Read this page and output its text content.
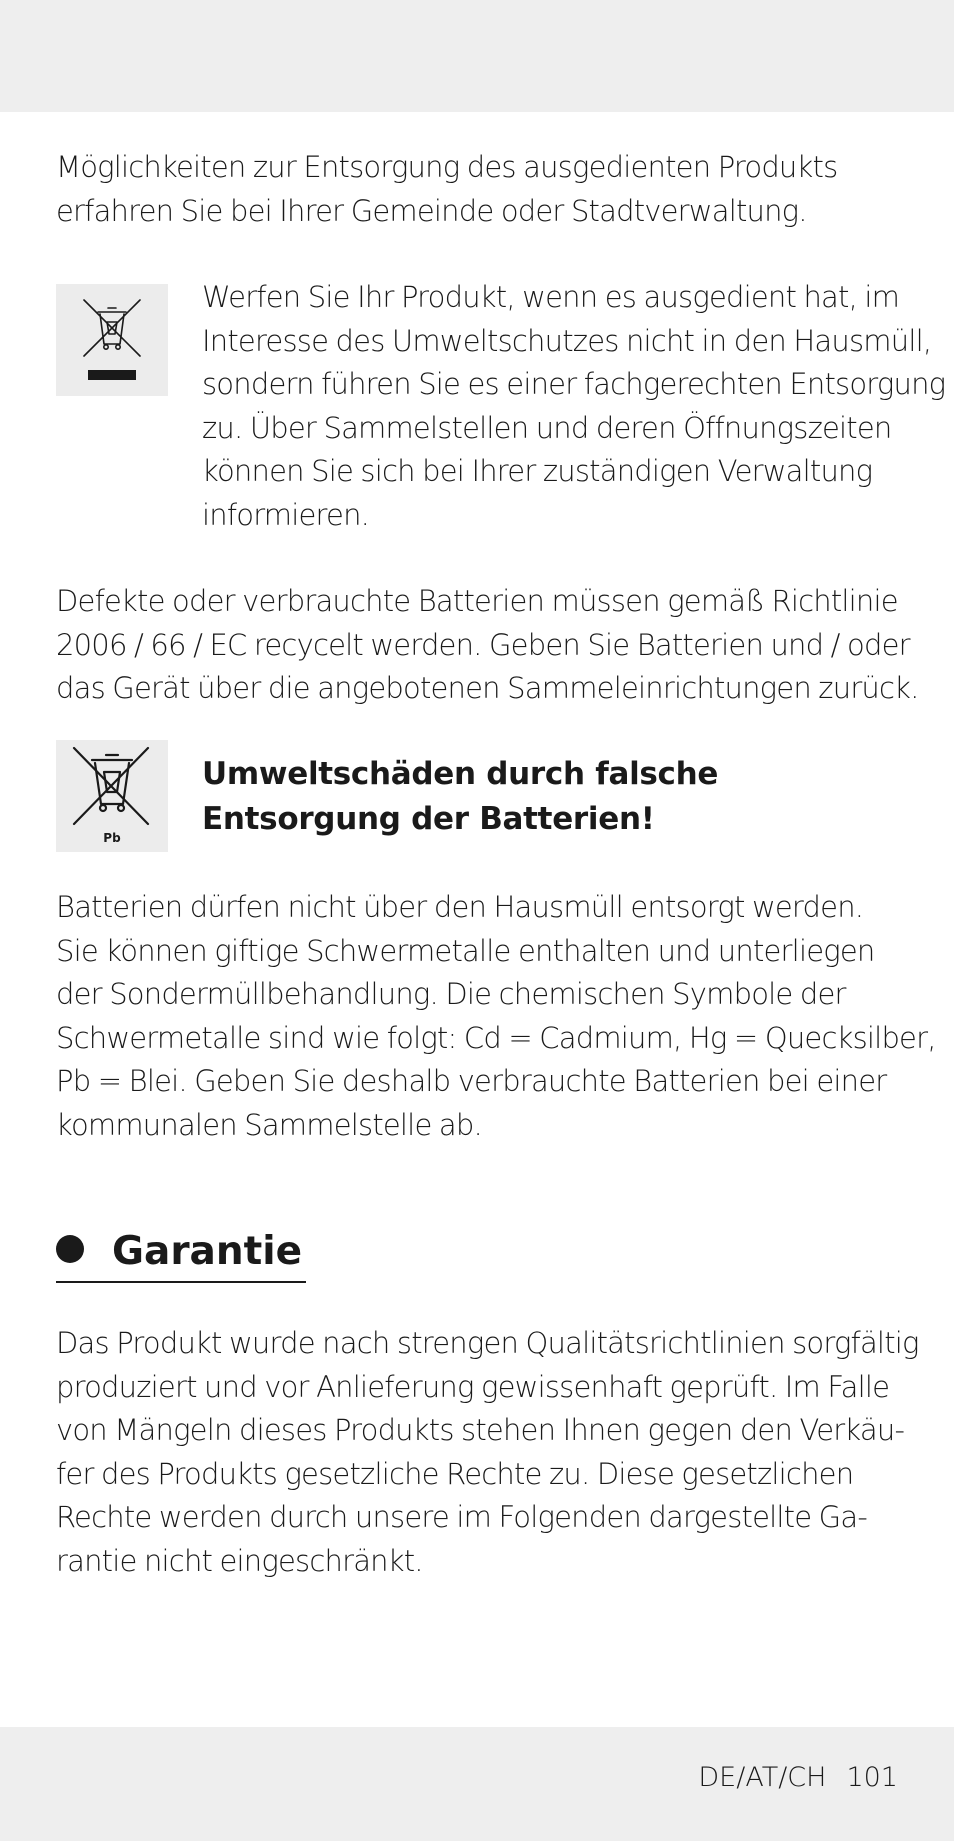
Möglichkeiten zur Entsorgung des ausgedienten Produkts
erfahren Sie bei Ihrer Gemeinde oder Stadtverwaltung.

Werfen Sie Ihr Produkt, wenn es ausgedient hat, im
Interesse des Umweltschutzes nicht in den Hausmüll,
sondern führen Sie es einer fachgerechten Entsorgung
zu. Über Sammelstellen und deren Öffnungszeiten
können Sie sich bei Ihrer zuständigen Verwaltung
informieren.

Defekte oder verbrauchte Batterien müssen gemäß Richtlinie
2006 / 66 / EC recycelt werden. Geben Sie Batterien und / oder
das Gerät über die angebotenen Sammeleinrichtungen zurück.

Pb

Umweltschäden durch falsche
Entsorgung der Batterien!

Batterien dürfen nicht über den Hausmüll entsorgt werden.
Sie können giftige Schwermetalle enthalten und unterliegen
der Sondermüllbehandlung. Die chemischen Symbole der
Schwermetalle sind wie folgt: Cd = Cadmium, Hg = Quecksilber,
Pb = Blei. Geben Sie deshalb verbrauchte Batterien bei einer
kommunalen Sammelstelle ab.

Garantie

Das Produkt wurde nach strengen Qualitätsrichtlinien sorgfältig
produziert und vor Anlieferung gewissenhaft geprüft. Im Falle
von Mängeln dieses Produkts stehen Ihnen gegen den Verkäu-
fer des Produkts gesetzliche Rechte zu. Diese gesetzlichen
Rechte werden durch unsere im Folgenden dargestellte Ga-
rantie nicht eingeschränkt.

DE/AT/CH 101
